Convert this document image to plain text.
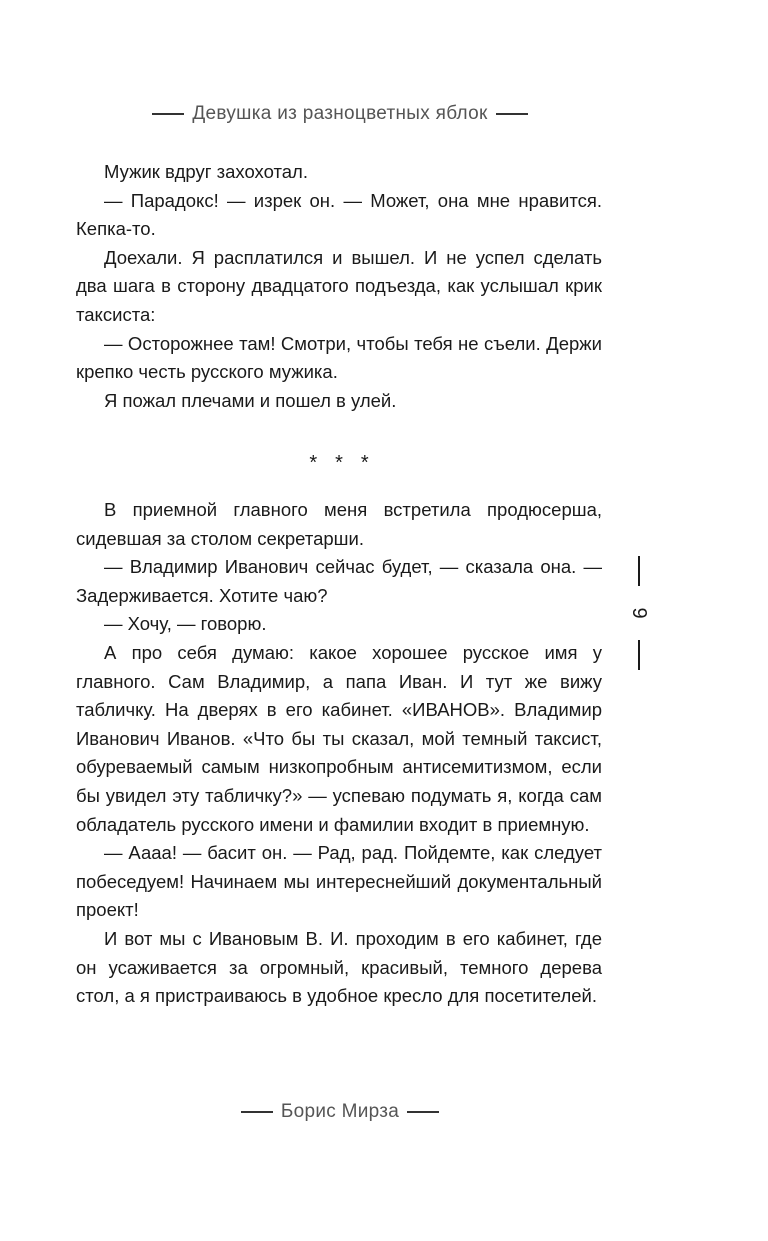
Девушка из разноцветных яблок

Мужик вдруг захохотал.

— Парадокс! — изрек он. — Может, она мне нравится. Кепка-то.

Доехали. Я расплатился и вышел. И не успел сделать два шага в сторону двадцатого подъезда, как услышал крик таксиста:

— Осторожнее там! Смотри, чтобы тебя не съели. Держи крепко честь русского мужика.

Я пожал плечами и пошел в улей.

***

В приемной главного меня встретила продюсерша, сидевшая за столом секретарши.

— Владимир Иванович сейчас будет, — сказала она. — Задерживается. Хотите чаю?

— Хочу, — говорю.

А про себя думаю: какое хорошее русское имя у главного. Сам Владимир, а папа Иван. И тут же вижу табличку. На дверях в его кабинет. «ИВАНОВ». Владимир Иванович Иванов. «Что бы ты сказал, мой темный таксист, обуреваемый самым низкопробным антисемитизмом, если бы увидел эту табличку?» — успеваю подумать я, когда сам обладатель русского имени и фамилии входит в приемную.

— Аааа! — басит он. — Рад, рад. Пойдемте, как следует побеседуем! Начинаем мы интереснейший документальный проект!

И вот мы с Ивановым В. И. проходим в его кабинет, где он усаживается за огромный, красивый, темного дерева стол, а я пристраиваюсь в удобное кресло для посетителей.

9
Борис Мирза
